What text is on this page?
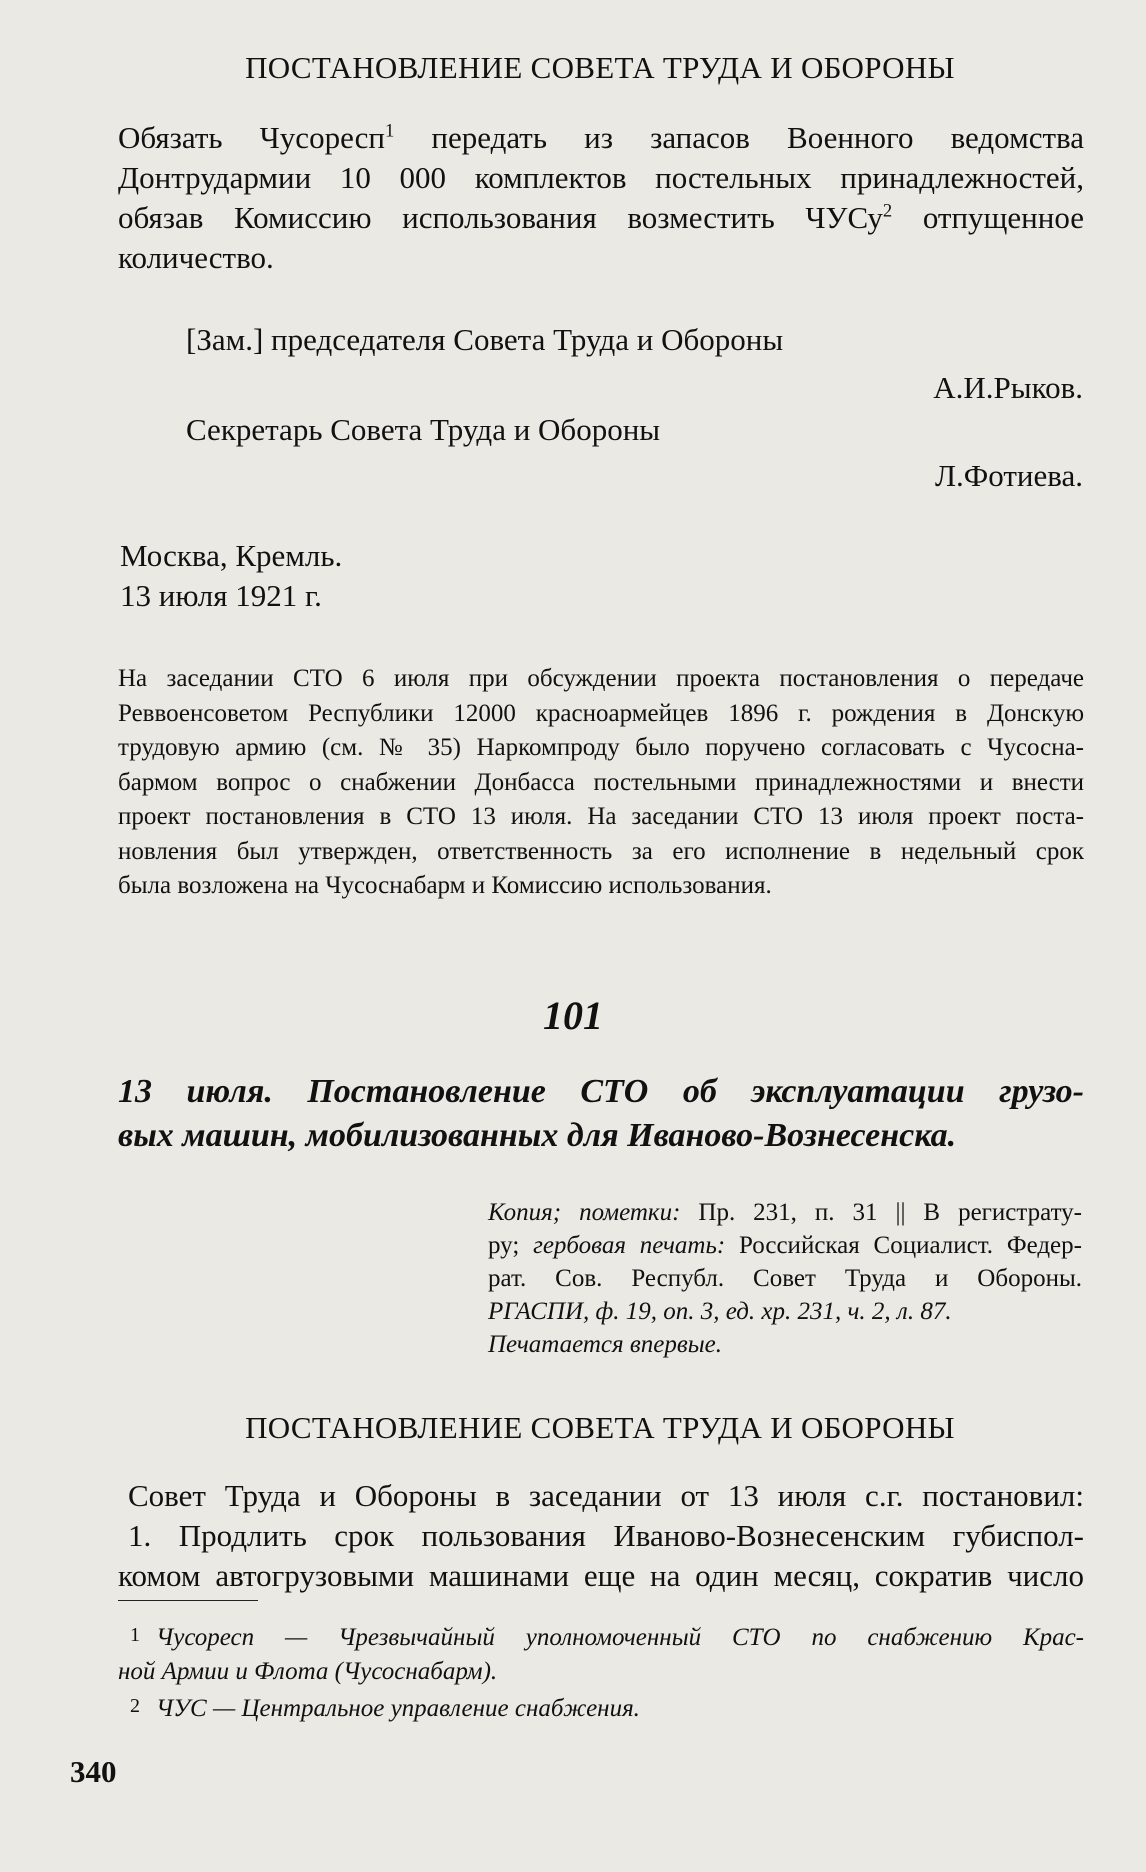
ПОСТАНОВЛЕНИЕ СОВЕТА ТРУДА И ОБОРОНЫ
Обязать Чусоресп$^1$ передать из запасов Военного ведомства
Донтрудармии 10 000 комплектов постельных принадлежностей,
обязав Комиссию использования возместить ЧУСу$^2$ отпущенное
количество.
[Зам.] председателя Совета Труда и Обороны
А.И.Рыков.
Секретарь Совета Труда и Обороны
Л.Фотиева.
Москва, Кремль.
13 июля 1921 г.
На заседании СТО 6 июля при обсуждении проекта постановления о передаче
Реввоенсоветом Республики 12000 красноармейцев 1896 г. рождения в Донскую
трудовую армию (см. № 35) Наркомпроду было поручено согласовать с Чусосна-
бармом вопрос о снабжении Донбасса постельными принадлежностями и внести
проект постановления в СТО 13 июля. На заседании СТО 13 июля проект поста-
новления был утвержден, ответственность за его исполнение в недельный срок
была возложена на Чусоснабарм и Комиссию использования.
101
13 июля. Постановление СТО об эксплуатации грузо-
вых машин, мобилизованных для Иваново-Вознесенска.
Копия; пометки: Пр. 231, п. 31 || В регистрату-
ру; гербовая печать: Российская Социалист. Федер-
рат. Сов. Республ. Совет Труда и Обороны.
РГАСПИ, ф. 19, оп. 3, ед. хр. 231, ч. 2, л. 87.
Печатается впервые.
ПОСТАНОВЛЕНИЕ СОВЕТА ТРУДА И ОБОРОНЫ
Совет Труда и Обороны в заседании от 13 июля с.г. постановил:
1. Продлить срок пользования Иваново-Вознесенским губиспол-
комом автогрузовыми машинами еще на один месяц, сократив число
1 Чусоресп — Чрезвычайный уполномоченный СТО по снабжению Крас-
ной Армии и Флота (Чусоснабарм).
2 ЧУС — Центральное управление снабжения.
340
